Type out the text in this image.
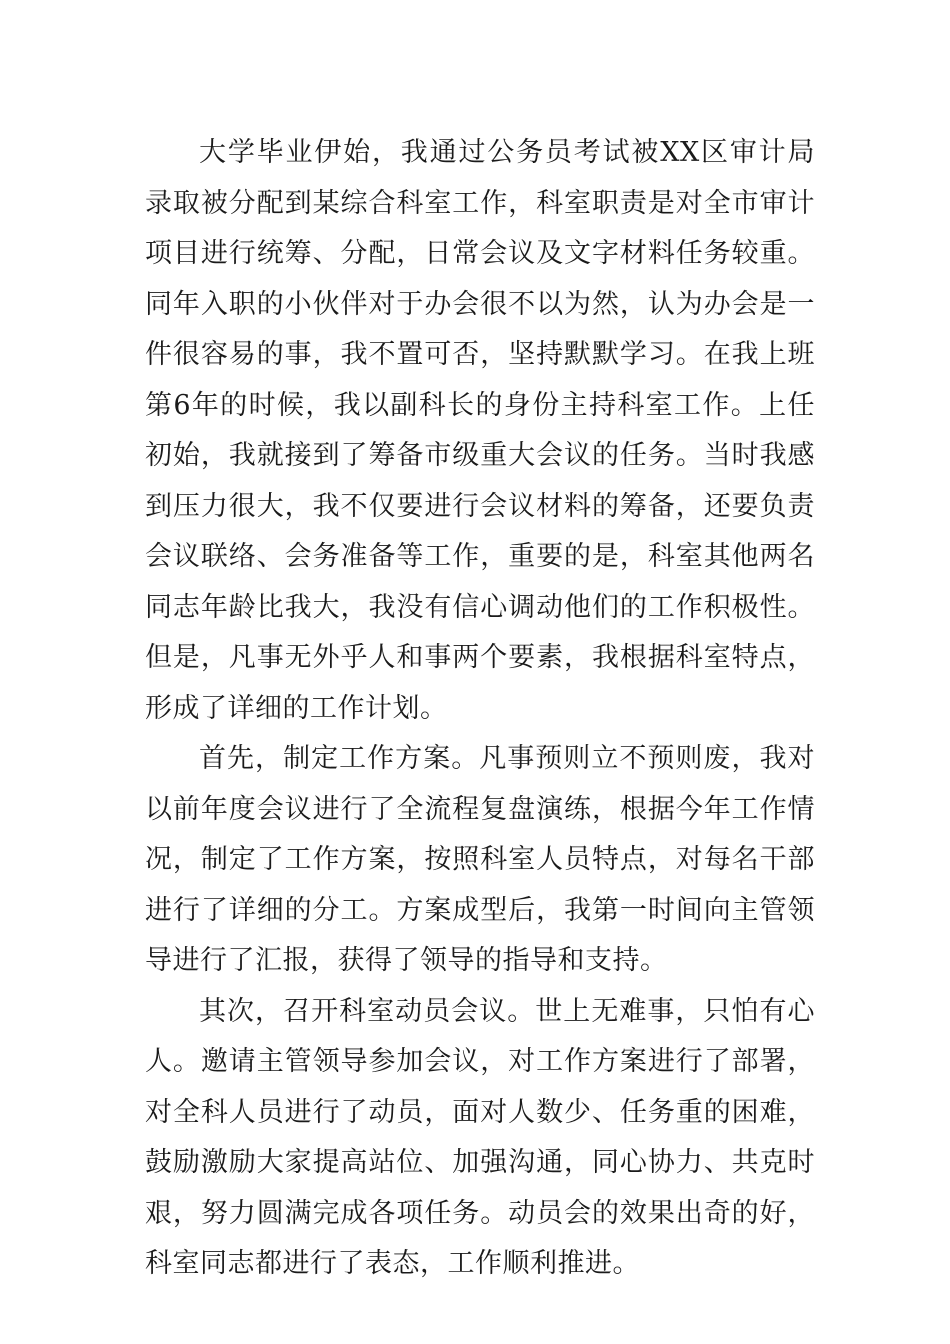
大学毕业伊始，我通过公务员考试被XX区审计局录取被分配到某综合科室工作，科室职责是对全市审计项目进行统筹、分配，日常会议及文字材料任务较重。同年入职的小伙伴对于办会很不以为然，认为办会是一件很容易的事，我不置可否，坚持默默学习。在我上班第6年的时候，我以副科长的身份主持科室工作。上任初始，我就接到了筹备市级重大会议的任务。当时我感到压力很大，我不仅要进行会议材料的筹备，还要负责会议联络、会务准备等工作，重要的是，科室其他两名同志年龄比我大，我没有信心调动他们的工作积极性。但是，凡事无外乎人和事两个要素，我根据科室特点，形成了详细的工作计划。

首先，制定工作方案。凡事预则立不预则废，我对以前年度会议进行了全流程复盘演练，根据今年工作情况，制定了工作方案，按照科室人员特点，对每名干部进行了详细的分工。方案成型后，我第一时间向主管领导进行了汇报，获得了领导的指导和支持。

其次，召开科室动员会议。世上无难事，只怕有心人。邀请主管领导参加会议，对工作方案进行了部署，对全科人员进行了动员，面对人数少、任务重的困难，鼓励激励大家提高站位、加强沟通，同心协力、共克时艰，努力圆满完成各项任务。动员会的效果出奇的好，科室同志都进行了表态，工作顺利推进。
